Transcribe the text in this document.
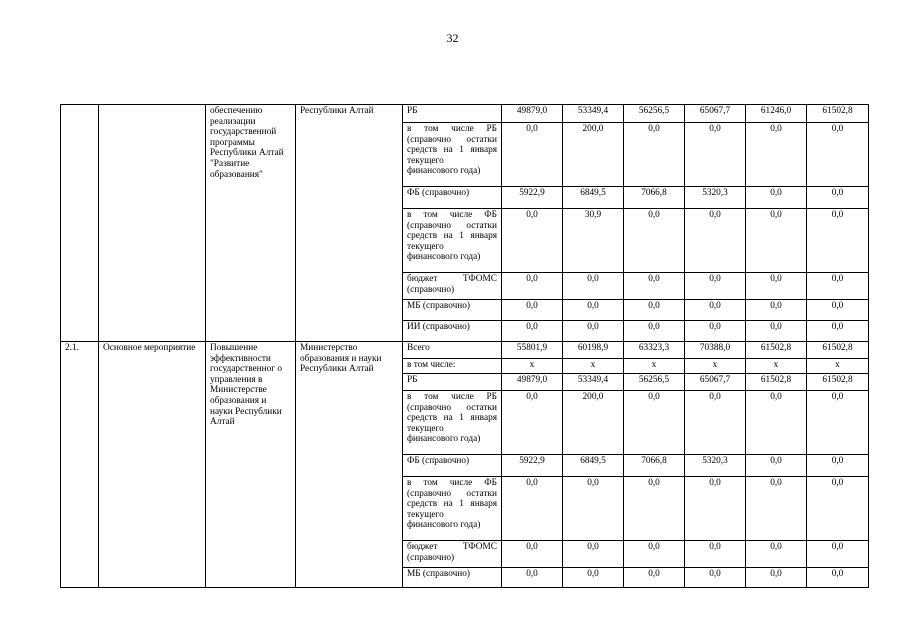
32
		обеспечению реализации государственной программы Республики Алтай "Развитие образования"	Республики Алтай	РБ	49879,0	53349,4	56256,5	65067,7	61246,0	61502,8
				в том числе РБ (справочно остатки средств на 1 января текущего финансового года)	0,0	200,0	0,0	0,0	0,0	0,0
				ФБ (справочно)	5922,9	6849,5	7066,8	5320,3	0,0	0,0
				в том числе ФБ (справочно остатки средств на 1 января текущего финансового года)	0,0	30,9	0,0	0,0	0,0	0,0
				бюджет ТФОМС (справочно)	0,0	0,0	0,0	0,0	0,0	0,0
				МБ (справочно)	0,0	0,0	0,0	0,0	0,0	0,0
				ИИ (справочно)	0,0	0,0	0,0	0,0	0,0	0,0
2.1.	Основное мероприятие	Повышение эффективности государственног о управления в Министерстве образования и науки Республики Алтай	Министерство образования и науки Республики Алтай	Всего	55801,9	60198,9	63323,3	70388,0	61502,8	61502,8
				в том числе:	х	х	х	х	х	х
				РБ	49879,0	53349,4	56256,5	65067,7	61502,8	61502,8
				в том числе РБ (справочно остатки средств на 1 января текущего финансового года)	0,0	200,0	0,0	0,0	0,0	0,0
				ФБ (справочно)	5922,9	6849,5	7066,8	5320,3	0,0	0,0
				в том числе ФБ (справочно остатки средств на 1 января текущего финансового года)	0,0	0,0	0,0	0,0	0,0	0,0
				бюджет ТФОМС (справочно)	0,0	0,0	0,0	0,0	0,0	0,0
				МБ (справочно)	0,0	0,0	0,0	0,0	0,0	0,0
